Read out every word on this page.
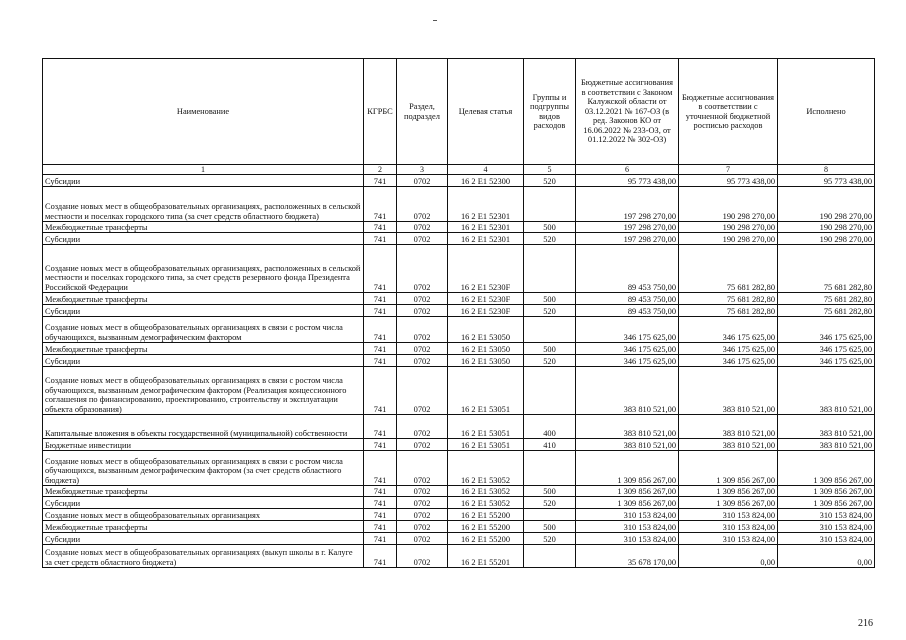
Наименование	КГРБС	Раздел, подраздел	Целевая статья	Группы и подгруппы видов расходов	Бюджетные ассигнования в соответствии с Законом Калужской области от 03.12.2021 № 167-ОЗ (в ред. Законов КО от 16.06.2022 № 233-ОЗ, от 01.12.2022 № 302-ОЗ)	Бюджетные ассигнования в соответствии с уточненной бюджетной росписью расходов	Исполнено
1	2	3	4	5	6	7	8
Субсидии	741	0702	16 2 E1 52300	520	95 773 438,00	95 773 438,00	95 773 438,00
Создание новых мест в общеобразовательных организациях, расположенных в сельской местности и поселках городского типа (за счет средств областного бюджета)	741	0702	16 2 E1 52301		197 298 270,00	190 298 270,00	190 298 270,00
Межбюджетные трансферты	741	0702	16 2 E1 52301	500	197 298 270,00	190 298 270,00	190 298 270,00
Субсидии	741	0702	16 2 E1 52301	520	197 298 270,00	190 298 270,00	190 298 270,00
Создание новых мест в общеобразовательных организациях, расположенных в сельской местности и поселках городского типа, за счет средств резервного фонда Президента Российской Федерации	741	0702	16 2 E1 5230F		89 453 750,00	75 681 282,80	75 681 282,80
Межбюджетные трансферты	741	0702	16 2 E1 5230F	500	89 453 750,00	75 681 282,80	75 681 282,80
Субсидии	741	0702	16 2 E1 5230F	520	89 453 750,00	75 681 282,80	75 681 282,80
Создание новых мест в общеобразовательных организациях в связи с ростом числа обучающихся, вызванным демографическим фактором	741	0702	16 2 E1 53050		346 175 625,00	346 175 625,00	346 175 625,00
Межбюджетные трансферты	741	0702	16 2 E1 53050	500	346 175 625,00	346 175 625,00	346 175 625,00
Субсидии	741	0702	16 2 E1 53050	520	346 175 625,00	346 175 625,00	346 175 625,00
Создание новых мест в общеобразовательных организациях в связи с ростом числа обучающихся, вызванным демографическим фактором (Реализация концессионного соглашения по финансированию, проектированию, строительству и эксплуатации объекта образования)	741	0702	16 2 E1 53051		383 810 521,00	383 810 521,00	383 810 521,00
Капитальные вложения в объекты государственной (муниципальной) собственности	741	0702	16 2 E1 53051	400	383 810 521,00	383 810 521,00	383 810 521,00
Бюджетные инвестиции	741	0702	16 2 E1 53051	410	383 810 521,00	383 810 521,00	383 810 521,00
Создание новых мест в общеобразовательных организациях в связи с ростом числа обучающихся, вызванным демографическим фактором (за счет средств областного бюджета)	741	0702	16 2 E1 53052		1 309 856 267,00	1 309 856 267,00	1 309 856 267,00
Межбюджетные трансферты	741	0702	16 2 E1 53052	500	1 309 856 267,00	1 309 856 267,00	1 309 856 267,00
Субсидии	741	0702	16 2 E1 53052	520	1 309 856 267,00	1 309 856 267,00	1 309 856 267,00
Создание новых мест в общеобразовательных организациях	741	0702	16 2 E1 55200		310 153 824,00	310 153 824,00	310 153 824,00
Межбюджетные трансферты	741	0702	16 2 E1 55200	500	310 153 824,00	310 153 824,00	310 153 824,00
Субсидии	741	0702	16 2 E1 55200	520	310 153 824,00	310 153 824,00	310 153 824,00
Создание новых мест в общеобразовательных организациях (выкуп школы в г. Калуге за счет средств областного бюджета)	741	0702	16 2 E1 55201		35 678 170,00	0,00	0,00
216
